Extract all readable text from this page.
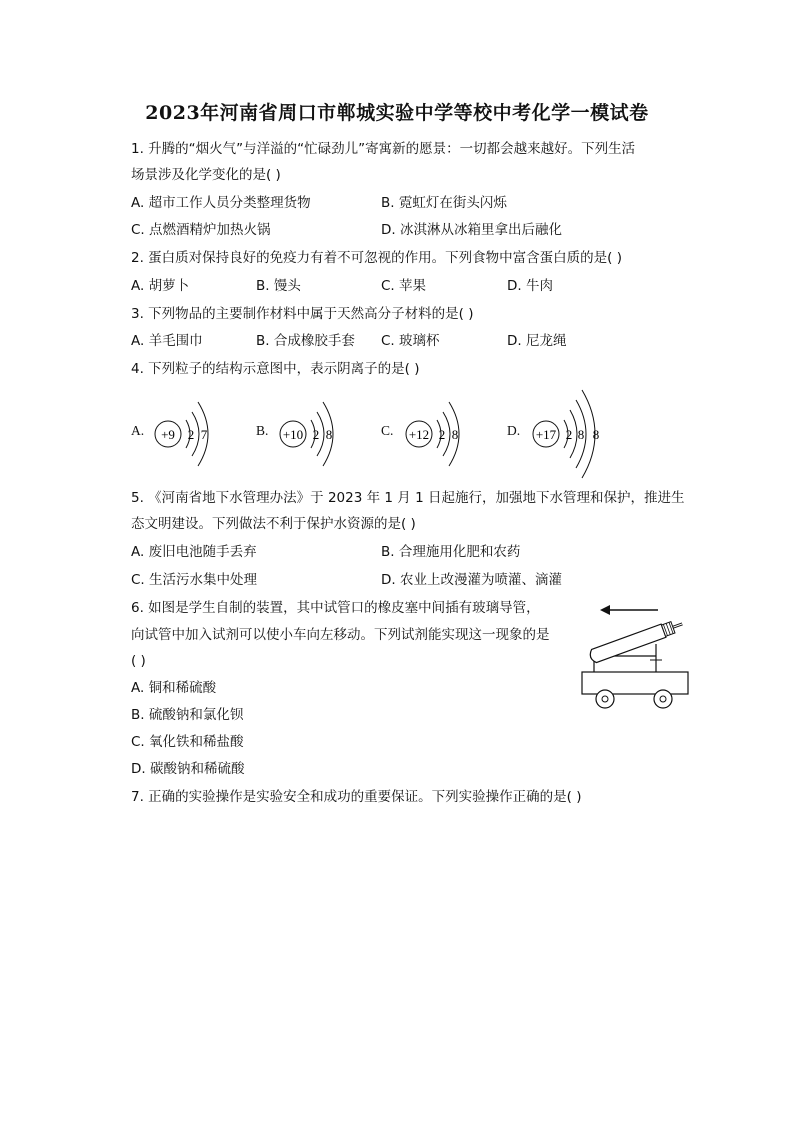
2023年河南省周口市郸城实验中学等校中考化学一模试卷
1. 升腾的“烟火气”与洋溢的“忙碌劲儿”寄寓新的愿景：一切都会越来越好。下列生活
场景涉及化学变化的是( )
A. 超市工作人员分类整理货物	B. 霓虹灯在街头闪烁
C. 点燃酒精炉加热火锅	D. 冰淇淋从冰箱里拿出后融化
2. 蛋白质对保持良好的免疫力有着不可忽视的作用。下列食物中富含蛋白质的是( )
A. 胡萝卜	B. 馒头	C. 苹果	D. 牛肉
3. 下列物品的主要制作材料中属于天然高分子材料的是( )
A. 羊毛围巾	B. 合成橡胶手套 C. 玻璃杯	D. 尼龙绳
4. 下列粒子的结构示意图中，表示阴离子的是( )
A. +9 2 7	B. +10 2 8	C. +12 2 8	D. +17 2 8 8
5. 《河南省地下水管理办法》于 2023 年 1 月 1 日起施行，加强地下水管理和保护，推进生
态文明建设。下列做法不利于保护水资源的是( )
A. 废旧电池随手丢弃	B. 合理施用化肥和农药
C. 生活污水集中处理	D. 农业上改漫灌为喷灌、滴灌
6. 如图是学生自制的装置，其中试管口的橡皮塞中间插有玻璃导管，
向试管中加入试剂可以使小车向左移动。下列试剂能实现这一现象的是
( )
A. 铜和稀硫酸
B. 硫酸钠和氯化钡
C. 氧化铁和稀盐酸
D. 碳酸钠和稀硫酸
7. 正确的实验操作是实验安全和成功的重要保证。下列实验操作正确的是( )
